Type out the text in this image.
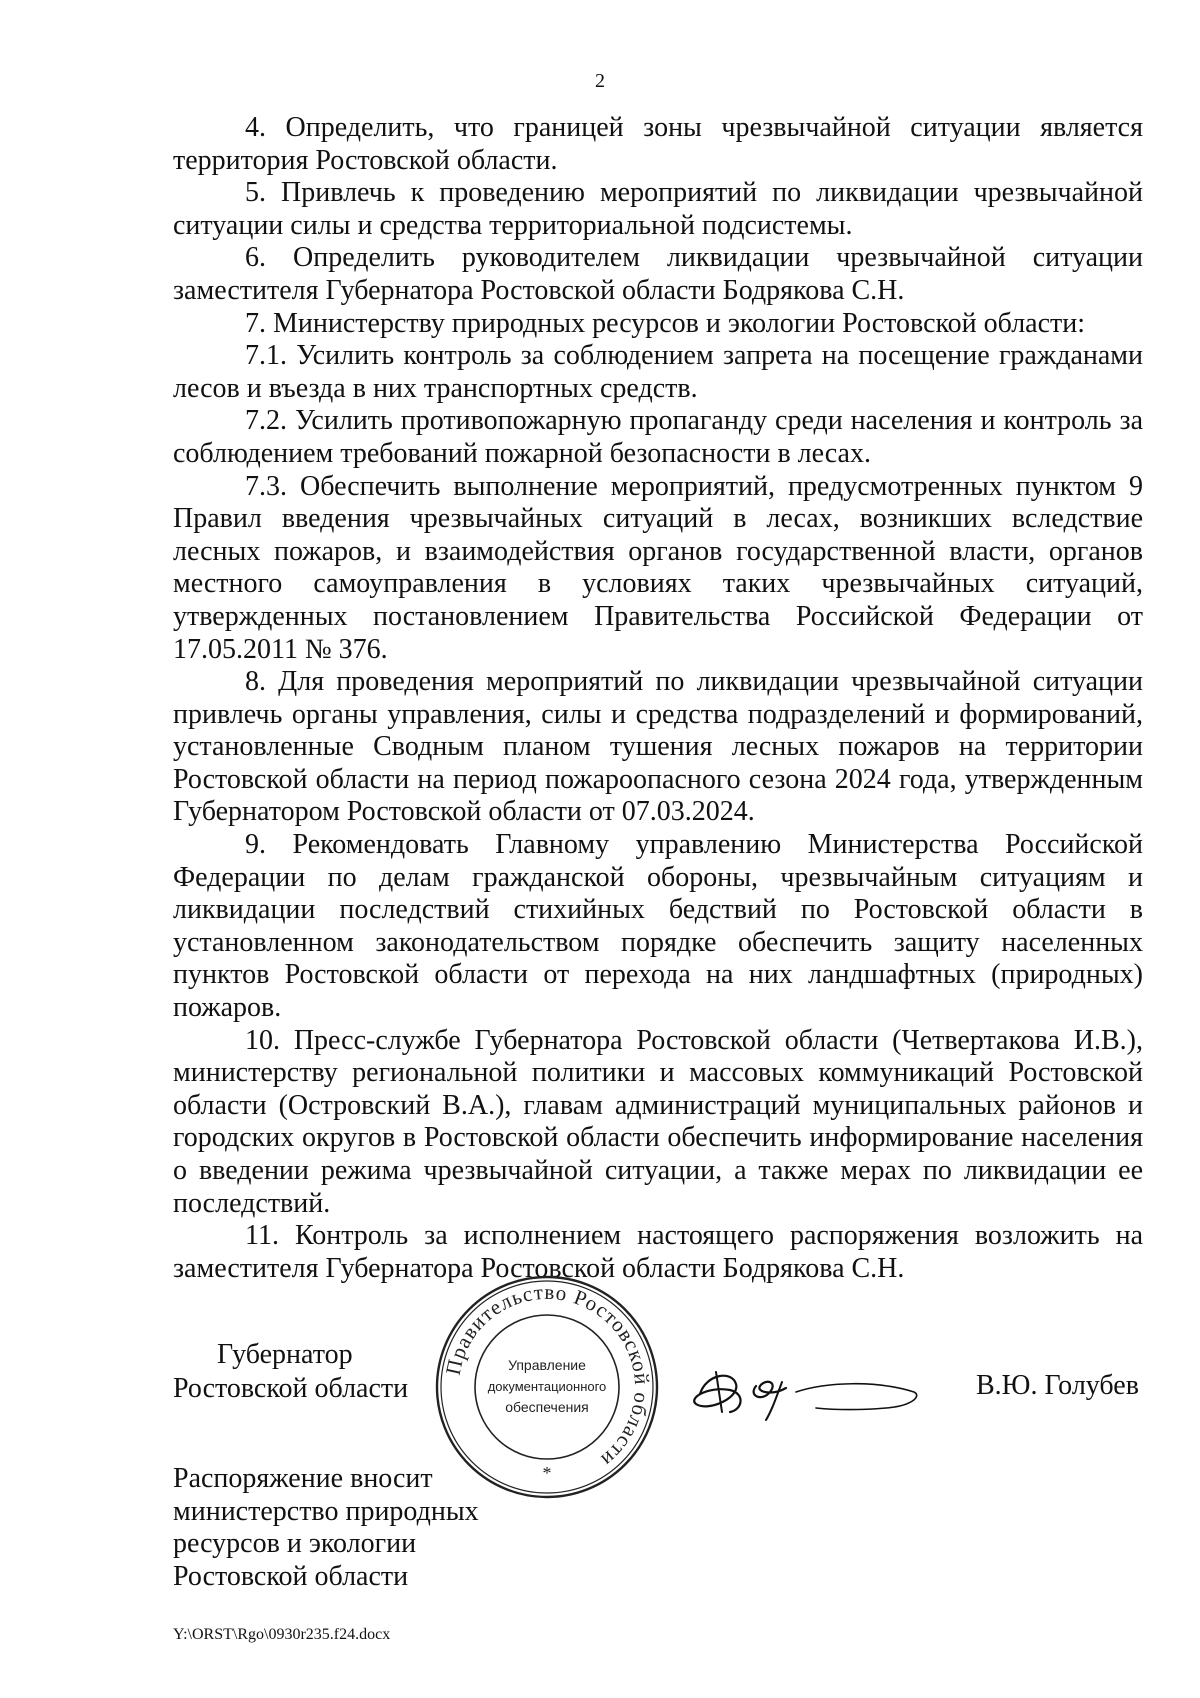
2

4. Определить, что границей зоны чрезвычайной ситуации является территория Ростовской области.

5. Привлечь к проведению мероприятий по ликвидации чрезвычайной ситуации силы и средства территориальной подсистемы.

6. Определить руководителем ликвидации чрезвычайной ситуации заместителя Губернатора Ростовской области Бодрякова С.Н.

7. Министерству природных ресурсов и экологии Ростовской области:

7.1. Усилить контроль за соблюдением запрета на посещение гражданами лесов и въезда в них транспортных средств.

7.2. Усилить противопожарную пропаганду среди населения и контроль за соблюдением требований пожарной безопасности в лесах.

7.3. Обеспечить выполнение мероприятий, предусмотренных пунктом 9 Правил введения чрезвычайных ситуаций в лесах, возникших вследствие лесных пожаров, и взаимодействия органов государственной власти, органов местного самоуправления в условиях таких чрезвычайных ситуаций, утвержденных постановлением Правительства Российской Федерации от 17.05.2011 № 376.

8. Для проведения мероприятий по ликвидации чрезвычайной ситуации привлечь органы управления, силы и средства подразделений и формирований, установленные Сводным планом тушения лесных пожаров на территории Ростовской области на период пожароопасного сезона 2024 года, утвержденным Губернатором Ростовской области от 07.03.2024.

9. Рекомендовать Главному управлению Министерства Российской Федерации по делам гражданской обороны, чрезвычайным ситуациям и ликвидации последствий стихийных бедствий по Ростовской области в установленном законодательством порядке обеспечить защиту населенных пунктов Ростовской области от перехода на них ландшафтных (природных) пожаров.

10. Пресс-службе Губернатора Ростовской области (Четвертакова И.В.), министерству региональной политики и массовых коммуникаций Ростовской области (Островский В.А.), главам администраций муниципальных районов и городских округов в Ростовской области обеспечить информирование населения о введении режима чрезвычайной ситуации, а также мерах по ликвидации ее последствий.

11. Контроль за исполнением настоящего распоряжения возложить на заместителя Губернатора Ростовской области Бодрякова С.Н.

Губернатор
Ростовской области
Правительство Ростовской области
Управление
документационного
обеспечения
*
В.Ю. Голубев
Распоряжение вносит
министерство природных
ресурсов и экологии
Ростовской области
Y:\ORST\Rgo\0930r235.f24.docx
